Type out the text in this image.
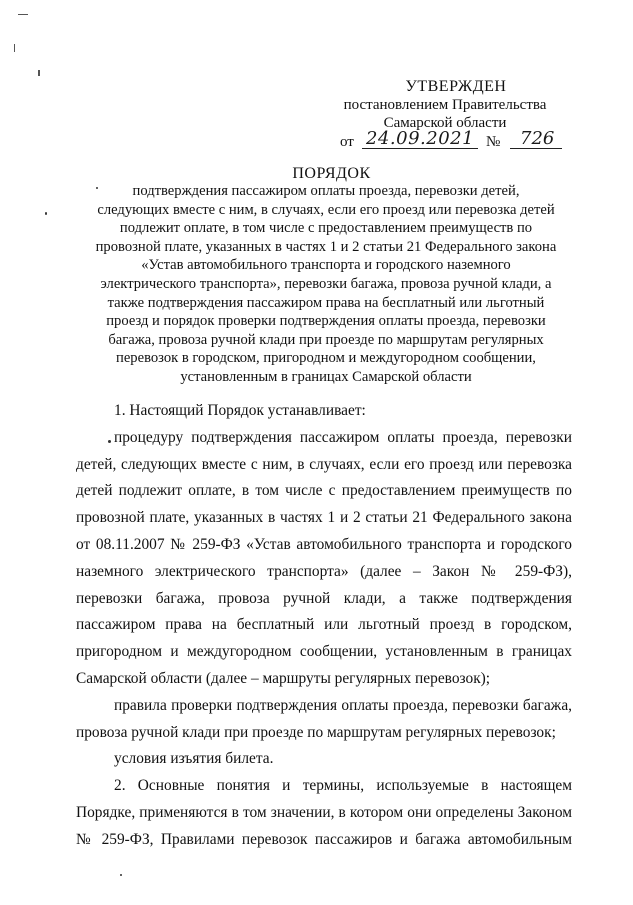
УТВЕРЖДЕН
постановлением Правительства
Самарской области
от 24.09.2021 № 726
ПОРЯДОК
подтверждения пассажиром оплаты проезда, перевозки детей,
следующих вместе с ним, в случаях, если его проезд или перевозка детей
подлежит оплате, в том числе с предоставлением преимуществ по
провозной плате, указанных в частях 1 и 2 статьи 21 Федерального закона
«Устав автомобильного транспорта и городского наземного
электрического транспорта», перевозки багажа, провоза ручной клади, а
также подтверждения пассажиром права на бесплатный или льготный
проезд и порядок проверки подтверждения оплаты проезда, перевозки
багажа, провоза ручной клади при проезде по маршрутам регулярных
перевозок в городском, пригородном и междугородном сообщении,
установленным в границах Самарской области
1. Настоящий Порядок устанавливает:
процедуру подтверждения пассажиром оплаты проезда, перевозки
детей, следующих вместе с ним, в случаях, если его проезд или перевозка
детей подлежит оплате, в том числе с предоставлением преимуществ по
провозной плате, указанных в частях 1 и 2 статьи 21 Федерального закона
от 08.11.2007 № 259-ФЗ «Устав автомобильного транспорта и городского
наземного электрического транспорта» (далее – Закон № 259-ФЗ),
перевозки багажа, провоза ручной клади, а также подтверждения
пассажиром права на бесплатный или льготный проезд в городском,
пригородном и междугородном сообщении, установленным в границах
Самарской области (далее – маршруты регулярных перевозок);
правила проверки подтверждения оплаты проезда, перевозки багажа,
провоза ручной клади при проезде по маршрутам регулярных перевозок;
условия изъятия билета.
2. Основные понятия и термины, используемые в настоящем
Порядке, применяются в том значении, в котором они определены Законом
№ 259-ФЗ, Правилами перевозок пассажиров и багажа автомобильным
